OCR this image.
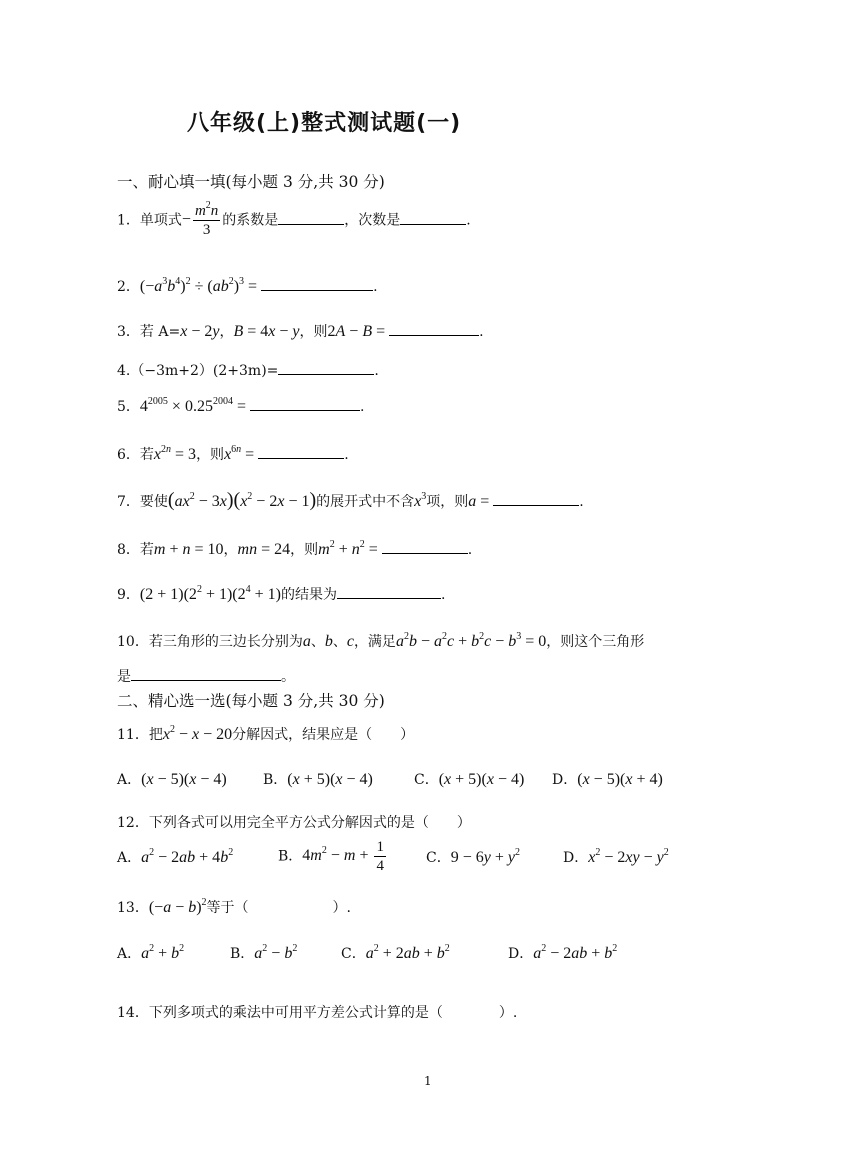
八年级(上)整式测试题(一)
一、耐心填一填(每小题 3 分,共 30 分)
1．单项式− $\frac{m^2n}{3}$ 的系数是	，次数是	.
2．$(-a^3b^4)^2 \div (ab^2)^3$ =	.
3．若 A=x − 2y，B = 4x − y，则2A − B =	.
4.（−3m+2）(2+3m)=	.
5．$4^{2005} \times 0.25^{2004}$ =	.
6．若$x^{2n} = 3$，则$x^{6n}$ =	.
7．要使$(ax^2 - 3x)(x^2 - 2x - 1)$的展开式中不含$x^3$项，则a =	.
8．若m + n = 10，mn = 24，则$m^2 + n^2$ =	.
9．$(2 + 1)(2^2 + 1)(2^4 + 1)$的结果为	.
10．若三角形的三边长分别为a、b、c，满足$a^2b - a^2c + b^2c - b^3 = 0$，则这个三角形
是	。
二、精心选一选(每小题 3 分,共 30 分)
11．把$x^2 - x - 20$分解因式，结果应是（　　）
A．(x − 5)(x − 4)	B．(x + 5)(x − 4)	C．(x + 5)(x − 4) D．(x − 5)(x + 4)
12．下列各式可以用完全平方公式分解因式的是（　　）
A．$a^2 - 2ab + 4b^2$	B．$4m^2 - m + \frac{1}{4}$	C．$9 - 6y + y^2$	D．$x^2 - 2xy - y^2$
13．$(-a - b)^2$等于（　　　　　　）.
A．$a^2 + b^2$	B．$a^2 - b^2$	C．$a^2 + 2ab + b^2$	D．$a^2 - 2ab + b^2$
14．下列多项式的乘法中可用平方差公式计算的是（　　　　）.
1
